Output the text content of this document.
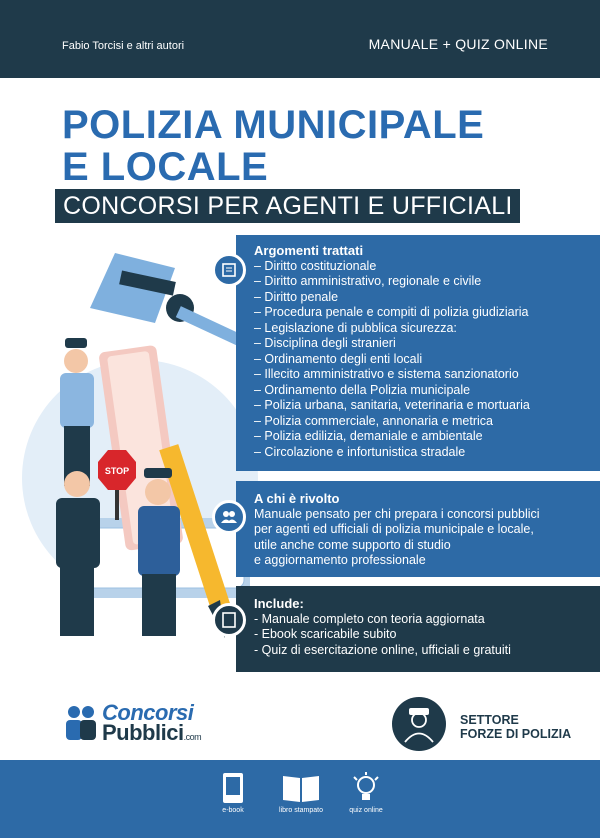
Fabio Torcisi e altri autori	MANUALE + QUIZ ONLINE
POLIZIA MUNICIPALE
E LOCALE
CONCORSI PER AGENTI E UFFICIALI
STOP
Argomenti trattati
– Diritto costituzionale
– Diritto amministrativo, regionale e civile
– Diritto penale
– Procedura penale e compiti di polizia giudiziaria
– Legislazione di pubblica sicurezza:
– Disciplina degli stranieri
– Ordinamento degli enti locali
– Illecito amministrativo e sistema sanzionatorio
– Ordinamento della Polizia municipale
– Polizia urbana, sanitaria, veterinaria e mortuaria
– Polizia commerciale, annonaria e metrica
– Polizia edilizia, demaniale e ambientale
– Circolazione e infortunistica stradale
A chi è rivolto
Manuale pensato per chi prepara i concorsi pubblici
per agenti ed ufficiali di polizia municipale e locale,
utile anche come supporto di studio
e aggiornamento professionale
Include:
- Manuale completo con teoria aggiornata
- Ebook scaricabile subito
- Quiz di esercitazione online, ufficiali e gratuiti
Concorsi
Pubblici.com
SETTORE
FORZE DI POLIZIA
e-book	libro stampato	quiz online
